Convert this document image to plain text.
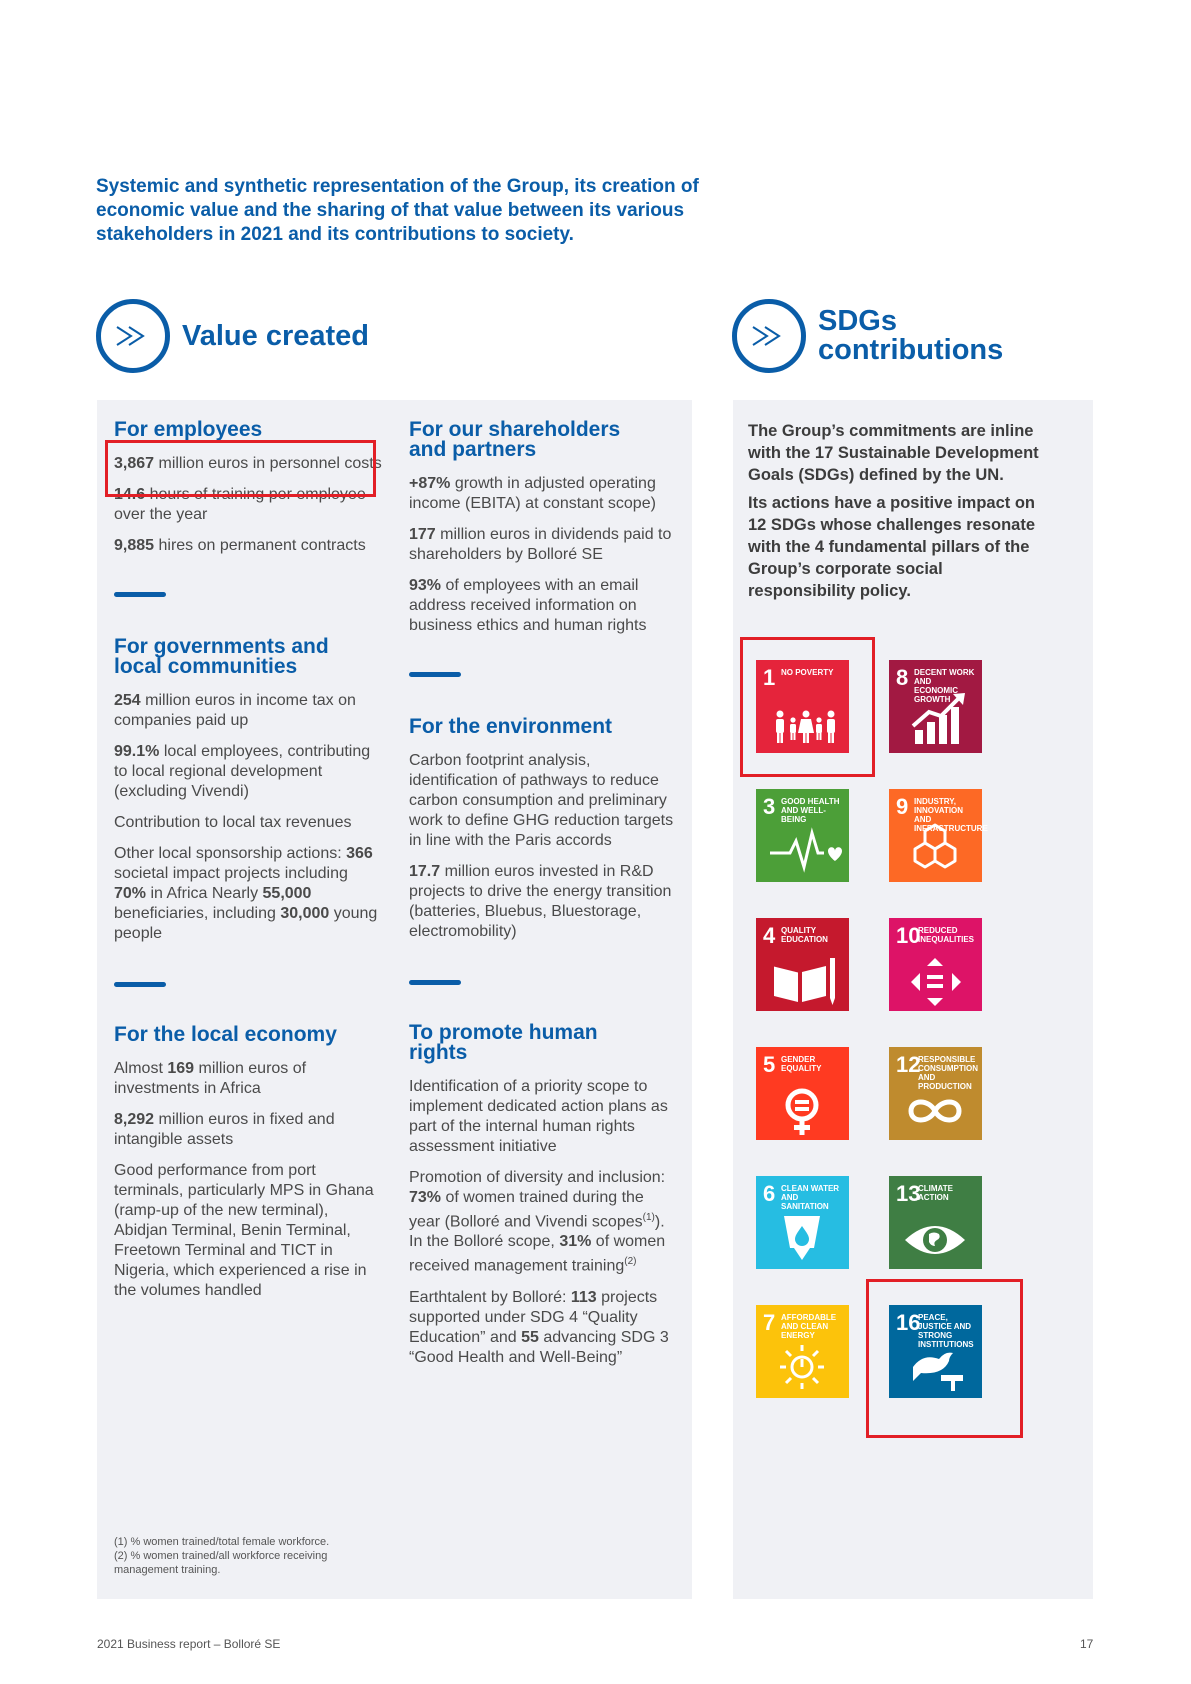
Systemic and synthetic representation of the Group, its creation of economic value and the sharing of that value between its various stakeholders in 2021 and its contributions to society.

Value created	SDGs
contributions
For employees

3,867 million euros in personnel costs

14.6 hours of training per employee over the year

9,885 hires on permanent contracts

For governments and
local communities

254 million euros in income tax on companies paid up

99.1% local employees, contributing to local regional development (excluding Vivendi)

Contribution to local tax revenues

Other local sponsorship actions: 366 societal impact projects including 70% in Africa Nearly 55,000 beneficiaries, including 30,000 young people

For the local economy

Almost 169 million euros of investments in Africa

8,292 million euros in fixed and intangible assets

Good performance from port terminals, particularly MPS in Ghana (ramp-up of the new terminal), Abidjan Terminal, Benin Terminal, Freetown Terminal and TICT in Nigeria, which experienced a rise in the volumes handled

For our shareholders
and partners

+87% growth in adjusted operating income (EBITA) at constant scope)

177 million euros in dividends paid to shareholders by Bolloré SE

93% of employees with an email address received information on business ethics and human rights

For the environment

Carbon footprint analysis, identification of pathways to reduce carbon consumption and preliminary work to define GHG reduction targets in line with the Paris accords

17.7 million euros invested in R&D projects to drive the energy transition (batteries, Bluebus, Bluestorage, electromobility)

To promote human
rights

Identification of a priority scope to implement dedicated action plans as part of the internal human rights assessment initiative

Promotion of diversity and inclusion: 73% of women trained during the year (Bolloré and Vivendi scopes$^{(1)}$). In the Bolloré scope, 31% of women received management training$^{(2)}$

Earthtalent by Bolloré: 113 projects supported under SDG 4 “Quality Education” and 55 advancing SDG 3 “Good Health and Well-Being”

(1) % women trained/total female workforce.

(2) % women trained/all workforce receiving management training.

The Group’s commitments are inline with the 17 Sustainable Development Goals (SDGs) defined by the UN.

Its actions have a positive impact on 12 SDGs whose challenges resonate with the 4 fundamental pillars of the Group’s corporate social responsibility policy.

1 NO POVERTY	8 DECENT WORK AND ECONOMIC GROWTH
3 GOOD HEALTH AND WELL-BEING
9 INDUSTRY, INNOVATION AND INFRASTRUCTURE
4 QUALITY EDUCATION	10
REDUCED INEQUALITIES
5 GENDER EQUALITY	12
RESPONSIBLE CONSUMPTION AND PRODUCTION
6 CLEAN WATER AND SANITATION
13
CLIMATE ACTION
7 AFFORDABLE AND CLEAN ENERGY
16
PEACE, JUSTICE AND STRONG INSTITUTIONS
2021 Business report – Bolloré SE	17
